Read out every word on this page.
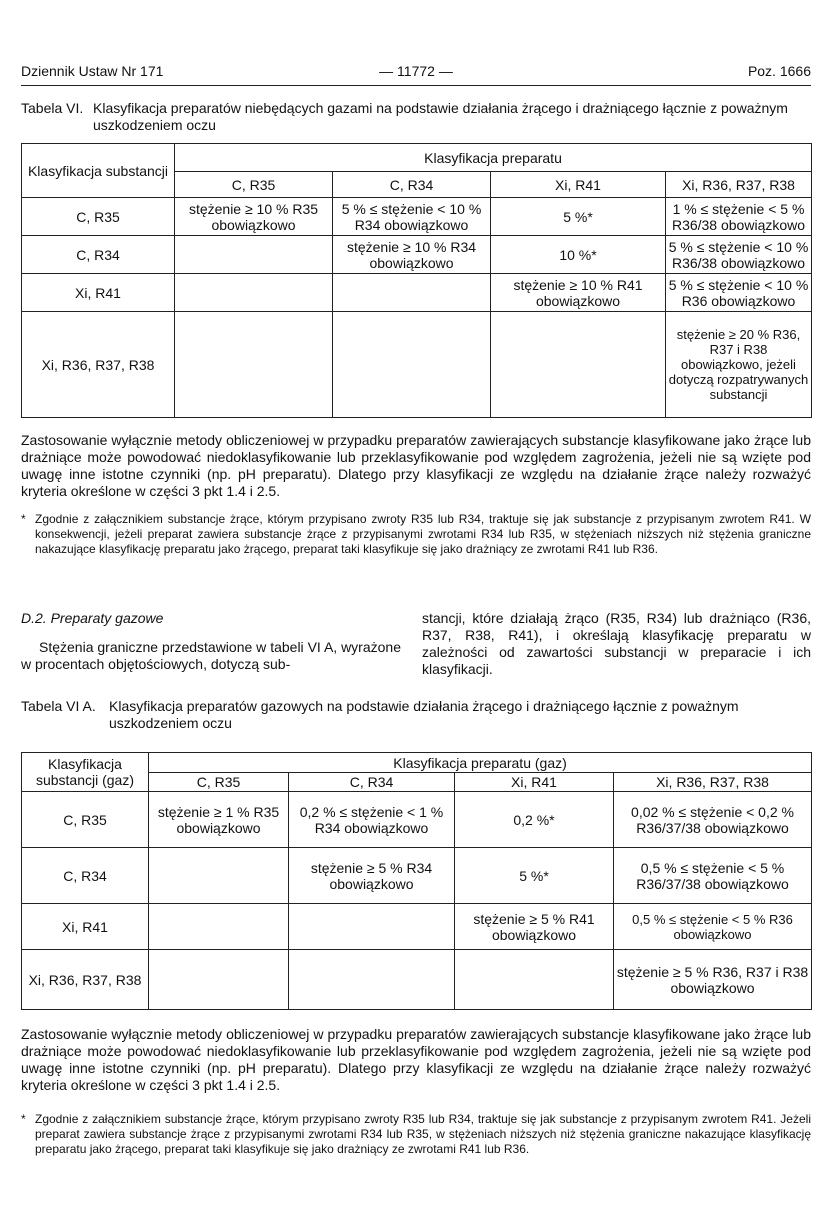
Dziennik Ustaw Nr 171	— 11772 —	Poz. 1666
Tabela VI. Klasyfikacja preparatów niebędących gazami na podstawie działania żrącego i drażniącego łącznie z poważnym uszkodzeniem oczu
Klasyfikacja substancji	Klasyfikacja preparatu			
	C, R35	C, R34	Xi, R41	Xi, R36, R37, R38
C, R35	stężenie ≥ 10 % R35 obowiązkowo	5 % ≤ stężenie < 10 % R34 obowiązkowo	5 %*	1 % ≤ stężenie < 5 % R36/38 obowiązkowo
C, R34		stężenie ≥ 10 % R34 obowiązkowo	10 %*	5 % ≤ stężenie < 10 % R36/38 obowiązkowo
Xi, R41			stężenie ≥ 10 % R41 obowiązkowo	5 % ≤ stężenie < 10 % R36 obowiązkowo
Xi, R36, R37, R38				stężenie ≥ 20 % R36, R37 i R38 obowiązkowo, jeżeli dotyczą rozpatrywanych substancji
Zastosowanie wyłącznie metody obliczeniowej w przypadku preparatów zawierających substancje klasyfikowane jako żrące lub drażniące może powodować niedoklasyfikowanie lub przeklasyfikowanie pod względem zagrożenia, jeżeli nie są wzięte pod uwagę inne istotne czynniki (np. pH preparatu). Dlatego przy klasyfikacji ze względu na działanie żrące należy rozważyć kryteria określone w części 3 pkt 1.4 i 2.5.
* Zgodnie z załącznikiem substancje żrące, którym przypisano zwroty R35 lub R34, traktuje się jak substancje z przypisanym zwrotem R41. W konsekwencji, jeżeli preparat zawiera substancje żrące z przypisanymi zwrotami R34 lub R35, w stężeniach niższych niż stężenia graniczne nakazujące klasyfikację preparatu jako żrącego, preparat taki klasyfikuje się jako drażniący ze zwrotami R41 lub R36.
D.2. Preparaty gazowe
Stężenia graniczne przedstawione w tabeli VI A, wyrażone w procentach objętościowych, dotyczą sub-
stancji, które działają żrąco (R35, R34) lub drażniąco (R36, R37, R38, R41), i określają klasyfikację preparatu w zależności od zawartości substancji w preparacie i ich klasyfikacji.
Tabela VI A. Klasyfikacja preparatów gazowych na podstawie działania żrącego i drażniącego łącznie z poważnym uszkodzeniem oczu
Klasyfikacja substancji (gaz)	Klasyfikacja preparatu (gaz)			
	C, R35	C, R34	Xi, R41	Xi, R36, R37, R38
C, R35	stężenie ≥ 1 % R35 obowiązkowo	0,2 % ≤ stężenie < 1 % R34 obowiązkowo	0,2 %*	0,02 % ≤ stężenie < 0,2 % R36/37/38 obowiązkowo
C, R34		stężenie ≥ 5 % R34 obowiązkowo	5 %*	0,5 % ≤ stężenie < 5 % R36/37/38 obowiązkowo
Xi, R41			stężenie ≥ 5 % R41 obowiązkowo	0,5 % ≤ stężenie < 5 % R36 obowiązkowo
Xi, R36, R37, R38				stężenie ≥ 5 % R36, R37 i R38 obowiązkowo
Zastosowanie wyłącznie metody obliczeniowej w przypadku preparatów zawierających substancje klasyfikowane jako żrące lub drażniące może powodować niedoklasyfikowanie lub przeklasyfikowanie pod względem zagrożenia, jeżeli nie są wzięte pod uwagę inne istotne czynniki (np. pH preparatu). Dlatego przy klasyfikacji ze względu na działanie żrące należy rozważyć kryteria określone w części 3 pkt 1.4 i 2.5.
* Zgodnie z załącznikiem substancje żrące, którym przypisano zwroty R35 lub R34, traktuje się jak substancje z przypisanym zwrotem R41. Jeżeli preparat zawiera substancje żrące z przypisanymi zwrotami R34 lub R35, w stężeniach niższych niż stężenia graniczne nakazujące klasyfikację preparatu jako żrącego, preparat taki klasyfikuje się jako drażniący ze zwrotami R41 lub R36.
